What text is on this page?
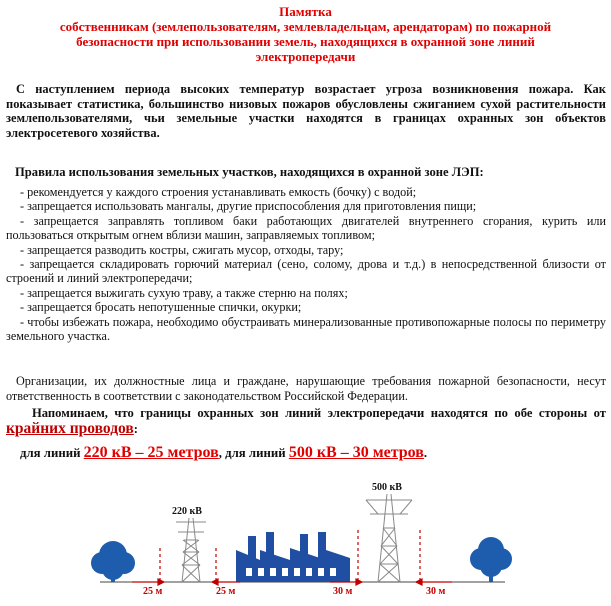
Памятка
собственникам (землепользователям, землевладельцам, арендаторам) по пожарной
безопасности при использовании земель, находящихся в охранной зоне линий
электропередачи
С наступлением периода высоких температур возрастает угроза возникновения пожара. Как показывает статистика, большинство низовых пожаров обусловлены сжиганием сухой растительности землепользователями, чьи земельные участки находятся в границах охранных зон объектов электросетевого хозяйства.
Правила использования земельных участков, находящихся в охранной зоне ЛЭП:
- рекомендуется у каждого строения устанавливать емкость (бочку) с водой;
- запрещается использовать мангалы, другие приспособления для приготовления пищи;
- запрещается заправлять топливом баки работающих двигателей внутреннего сгорания, курить или пользоваться открытым огнем вблизи машин, заправляемых топливом;
- запрещается разводить костры, сжигать мусор, отходы, тару;
- запрещается складировать горючий материал (сено, солому, дрова и т.д.) в непосредственной близости от строений и линий электропередачи;
- запрещается выжигать сухую траву, а также стерню на полях;
- запрещается бросать непотушенные спички, окурки;
- чтобы избежать пожара, необходимо обустраивать минерализованные противопожарные полосы по периметру земельного участка.
Организации, их должностные лица и граждане, нарушающие требования пожарной безопасности, несут ответственность в соответствии с законодательством Российской Федерации.
Напоминаем, что границы охранных зон линий электропередачи находятся по обе стороны от крайних проводов:
для линий 220 кВ – 25 метров, для линий 500 кВ – 30 метров.
220 кВ
500 кВ
25 м	25 м	30 м	30 м
